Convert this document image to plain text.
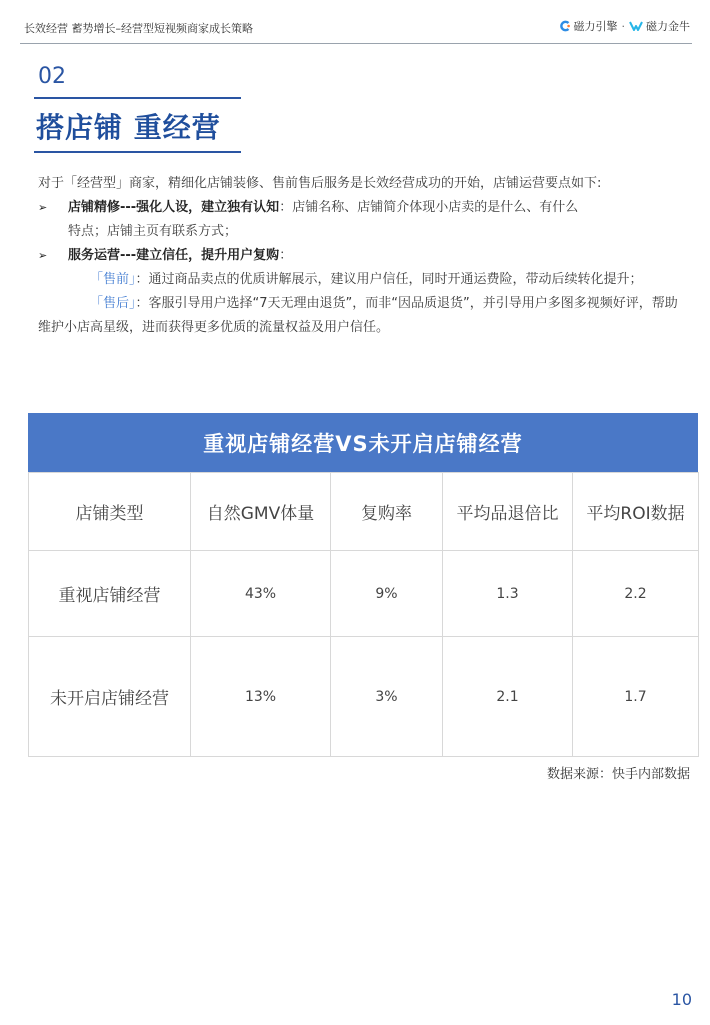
长效经营 蓄势增长–经营型短视频商家成长策略	磁力引擎 · 磁力金牛
02
搭店铺 重经营

对于「经营型」商家，精细化店铺装修、售前售后服务是长效经营成功的开始，店铺运营要点如下:

➢	店铺精修---强化人设，建立独有认知：店铺名称、店铺简介体现小店卖的是什么、有什么
特点；店铺主页有联系方式；
➢	服务运营---建立信任，提升用户复购：

「售前」：通过商品卖点的优质讲解展示，建议用户信任，同时开通运费险，带动后续转化提升；

「售后」：客服引导用户选择“7天无理由退货”，而非“因品质退货”，并引导用户多图多视频好评，帮助维护小店高星级，进而获得更多优质的流量权益及用户信任。

重视店铺经营VS未开启店铺经营
店铺类型	自然GMV体量	复购率	平均品退倍比	平均ROI数据
重视店铺经营	43%	9%	1.3	2.2
未开启店铺经营	13%	3%	2.1	1.7
数据来源：快手内部数据
10
